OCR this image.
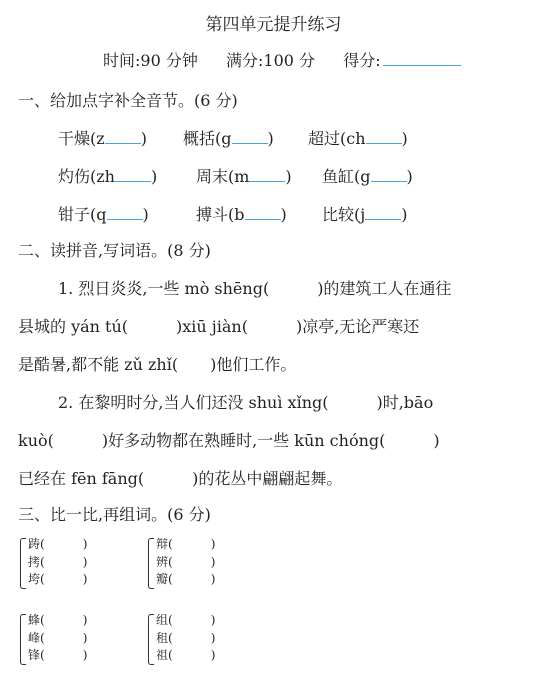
第四单元提升练习
时间:90 分钟 满分:100 分 得分:
一、给加点字补全音节。(6 分)
干燥(z ) 概括(g ) 超过(ch )
灼伤(zh ) 周末(m ) 鱼缸(g )
钳子(q )	搏斗(b ) 比较(j )
二、读拼音,写词语。(8 分)
1. 烈日炎炎,一些 mò shēng(　　　)的建筑工人在通往
县城的 yán tú(　　　)xiū jiàn(　　　)凉亭,无论严寒还
是酷暑,都不能 zǔ zhǐ(　　)他们工作。
2. 在黎明时分,当人们还没 shuì xǐng(　　　)时,bāo
kuò(　　　)好多动物都在熟睡时,一些 kūn chóng(　　　)
已经在 fēn fāng(　　　)的花丛中翩翩起舞。
三、比一比,再组词。(6 分)
踌(	)
拷(	)
垮(	)
辩(	)
辨(	)
瓣(	)
蜂(	)
峰(	)
锋(	)
组(	)
租(	)
祖(	)
